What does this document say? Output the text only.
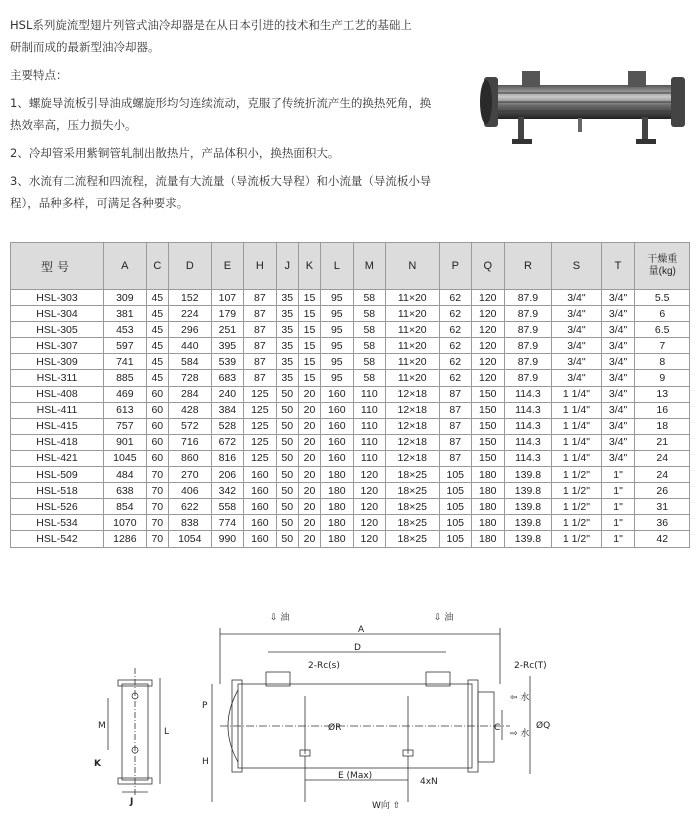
HSL系列旋流型翅片列管式油冷却器是在从日本引进的技术和生产工艺的基础上

研制而成的最新型油冷却器。

主要特点：

1、螺旋导流板引导油成螺旋形均匀连续流动，克服了传统折流产生的换热死角，换

热效率高，压力损失小。

2、冷却管采用紫铜管轧制出散热片，产品体积小，换热面积大。

3、水流有二流程和四流程，流量有大流量（导流板大导程）和小流量（导流板小导

程），品种多样，可满足各种要求。

型号	A	C	D	E	H	J	K	L	M	N	P	Q	R	S	T	干燥重
量(kg)
HSL-303	309	45	152	107	87	35	15	95	58	11×20	62	120	87.9	3/4"	3/4"	5.5
HSL-304	381	45	224	179	87	35	15	95	58	11×20	62	120	87.9	3/4"	3/4"	6
HSL-305	453	45	296	251	87	35	15	95	58	11×20	62	120	87.9	3/4"	3/4"	6.5
HSL-307	597	45	440	395	87	35	15	95	58	11×20	62	120	87.9	3/4"	3/4"	7
HSL-309	741	45	584	539	87	35	15	95	58	11×20	62	120	87.9	3/4"	3/4"	8
HSL-311	885	45	728	683	87	35	15	95	58	11×20	62	120	87.9	3/4"	3/4"	9
HSL-408	469	60	284	240	125	50	20	160	110	12×18	87	150	114.3	1 1/4"	3/4"	13
HSL-411	613	60	428	384	125	50	20	160	110	12×18	87	150	114.3	1 1/4"	3/4"	16
HSL-415	757	60	572	528	125	50	20	160	110	12×18	87	150	114.3	1 1/4"	3/4"	18
HSL-418	901	60	716	672	125	50	20	160	110	12×18	87	150	114.3	1 1/4"	3/4"	21
HSL-421	1045	60	860	816	125	50	20	160	110	12×18	87	150	114.3	1 1/4"	3/4"	24
HSL-509	484	70	270	206	160	50	20	180	120	18×25	105	180	139.8	1 1/2"	1"	24
HSL-518	638	70	406	342	160	50	20	180	120	18×25	105	180	139.8	1 1/2"	1"	26
HSL-526	854	70	622	558	160	50	20	180	120	18×25	105	180	139.8	1 1/2"	1"	31
HSL-534	1070	70	838	774	160	50	20	180	120	18×25	105	180	139.8	1 1/2"	1"	36
HSL-542	1286	70	1054	990	160	50	20	180	120	18×25	105	180	139.8	1 1/2"	1"	42
M
L
K
J
⇩ 油	⇩ 油
A
D
2-Rc(s)	2-Rc(T)
⇦ 水
⇨ 水
C	ØQ
ØR
P
H
E (Max)
4xN
W向 ⇧
